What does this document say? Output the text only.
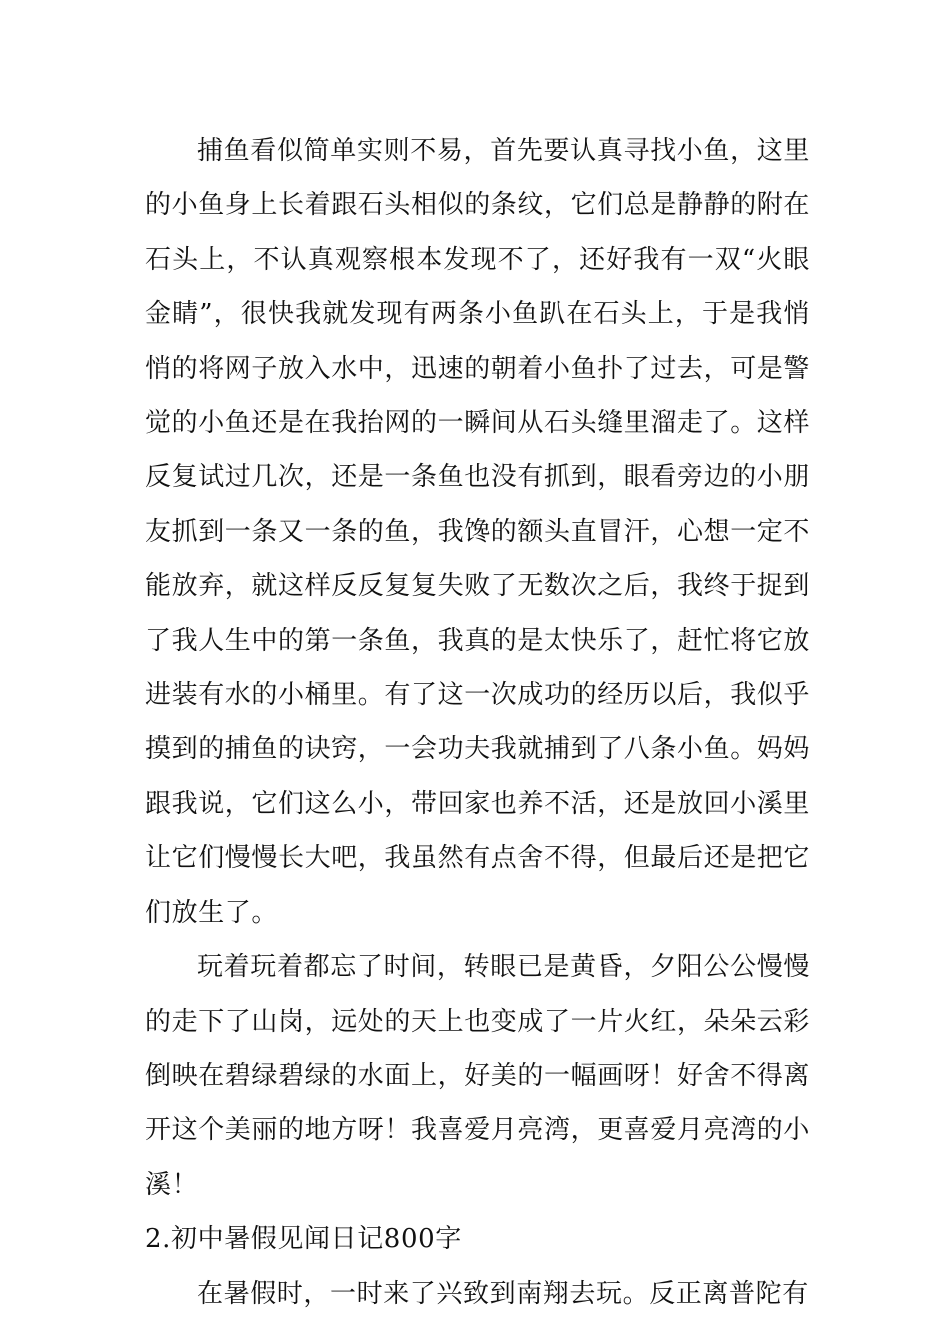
捕鱼看似简单实则不易，首先要认真寻找小鱼，这里的小鱼身上长着跟石头相似的条纹，它们总是静静的附在石头上，不认真观察根本发现不了，还好我有一双“火眼金睛”，很快我就发现有两条小鱼趴在石头上，于是我悄悄的将网子放入水中，迅速的朝着小鱼扑了过去，可是警觉的小鱼还是在我抬网的一瞬间从石头缝里溜走了。这样反复试过几次，还是一条鱼也没有抓到，眼看旁边的小朋友抓到一条又一条的鱼，我馋的额头直冒汗，心想一定不能放弃，就这样反反复复失败了无数次之后，我终于捉到了我人生中的第一条鱼，我真的是太快乐了，赶忙将它放进装有水的小桶里。有了这一次成功的经历以后，我似乎摸到的捕鱼的诀窍，一会功夫我就捕到了八条小鱼。妈妈跟我说，它们这么小，带回家也养不活，还是放回小溪里让它们慢慢长大吧，我虽然有点舍不得，但最后还是把它们放生了。

玩着玩着都忘了时间，转眼已是黄昏，夕阳公公慢慢的走下了山岗，远处的天上也变成了一片火红，朵朵云彩倒映在碧绿碧绿的水面上，好美的一幅画呀！好舍不得离开这个美丽的地方呀！我喜爱月亮湾，更喜爱月亮湾的小溪！

2.初中暑假见闻日记800字

在暑假时，一时来了兴致到南翔去玩。反正离普陀有
